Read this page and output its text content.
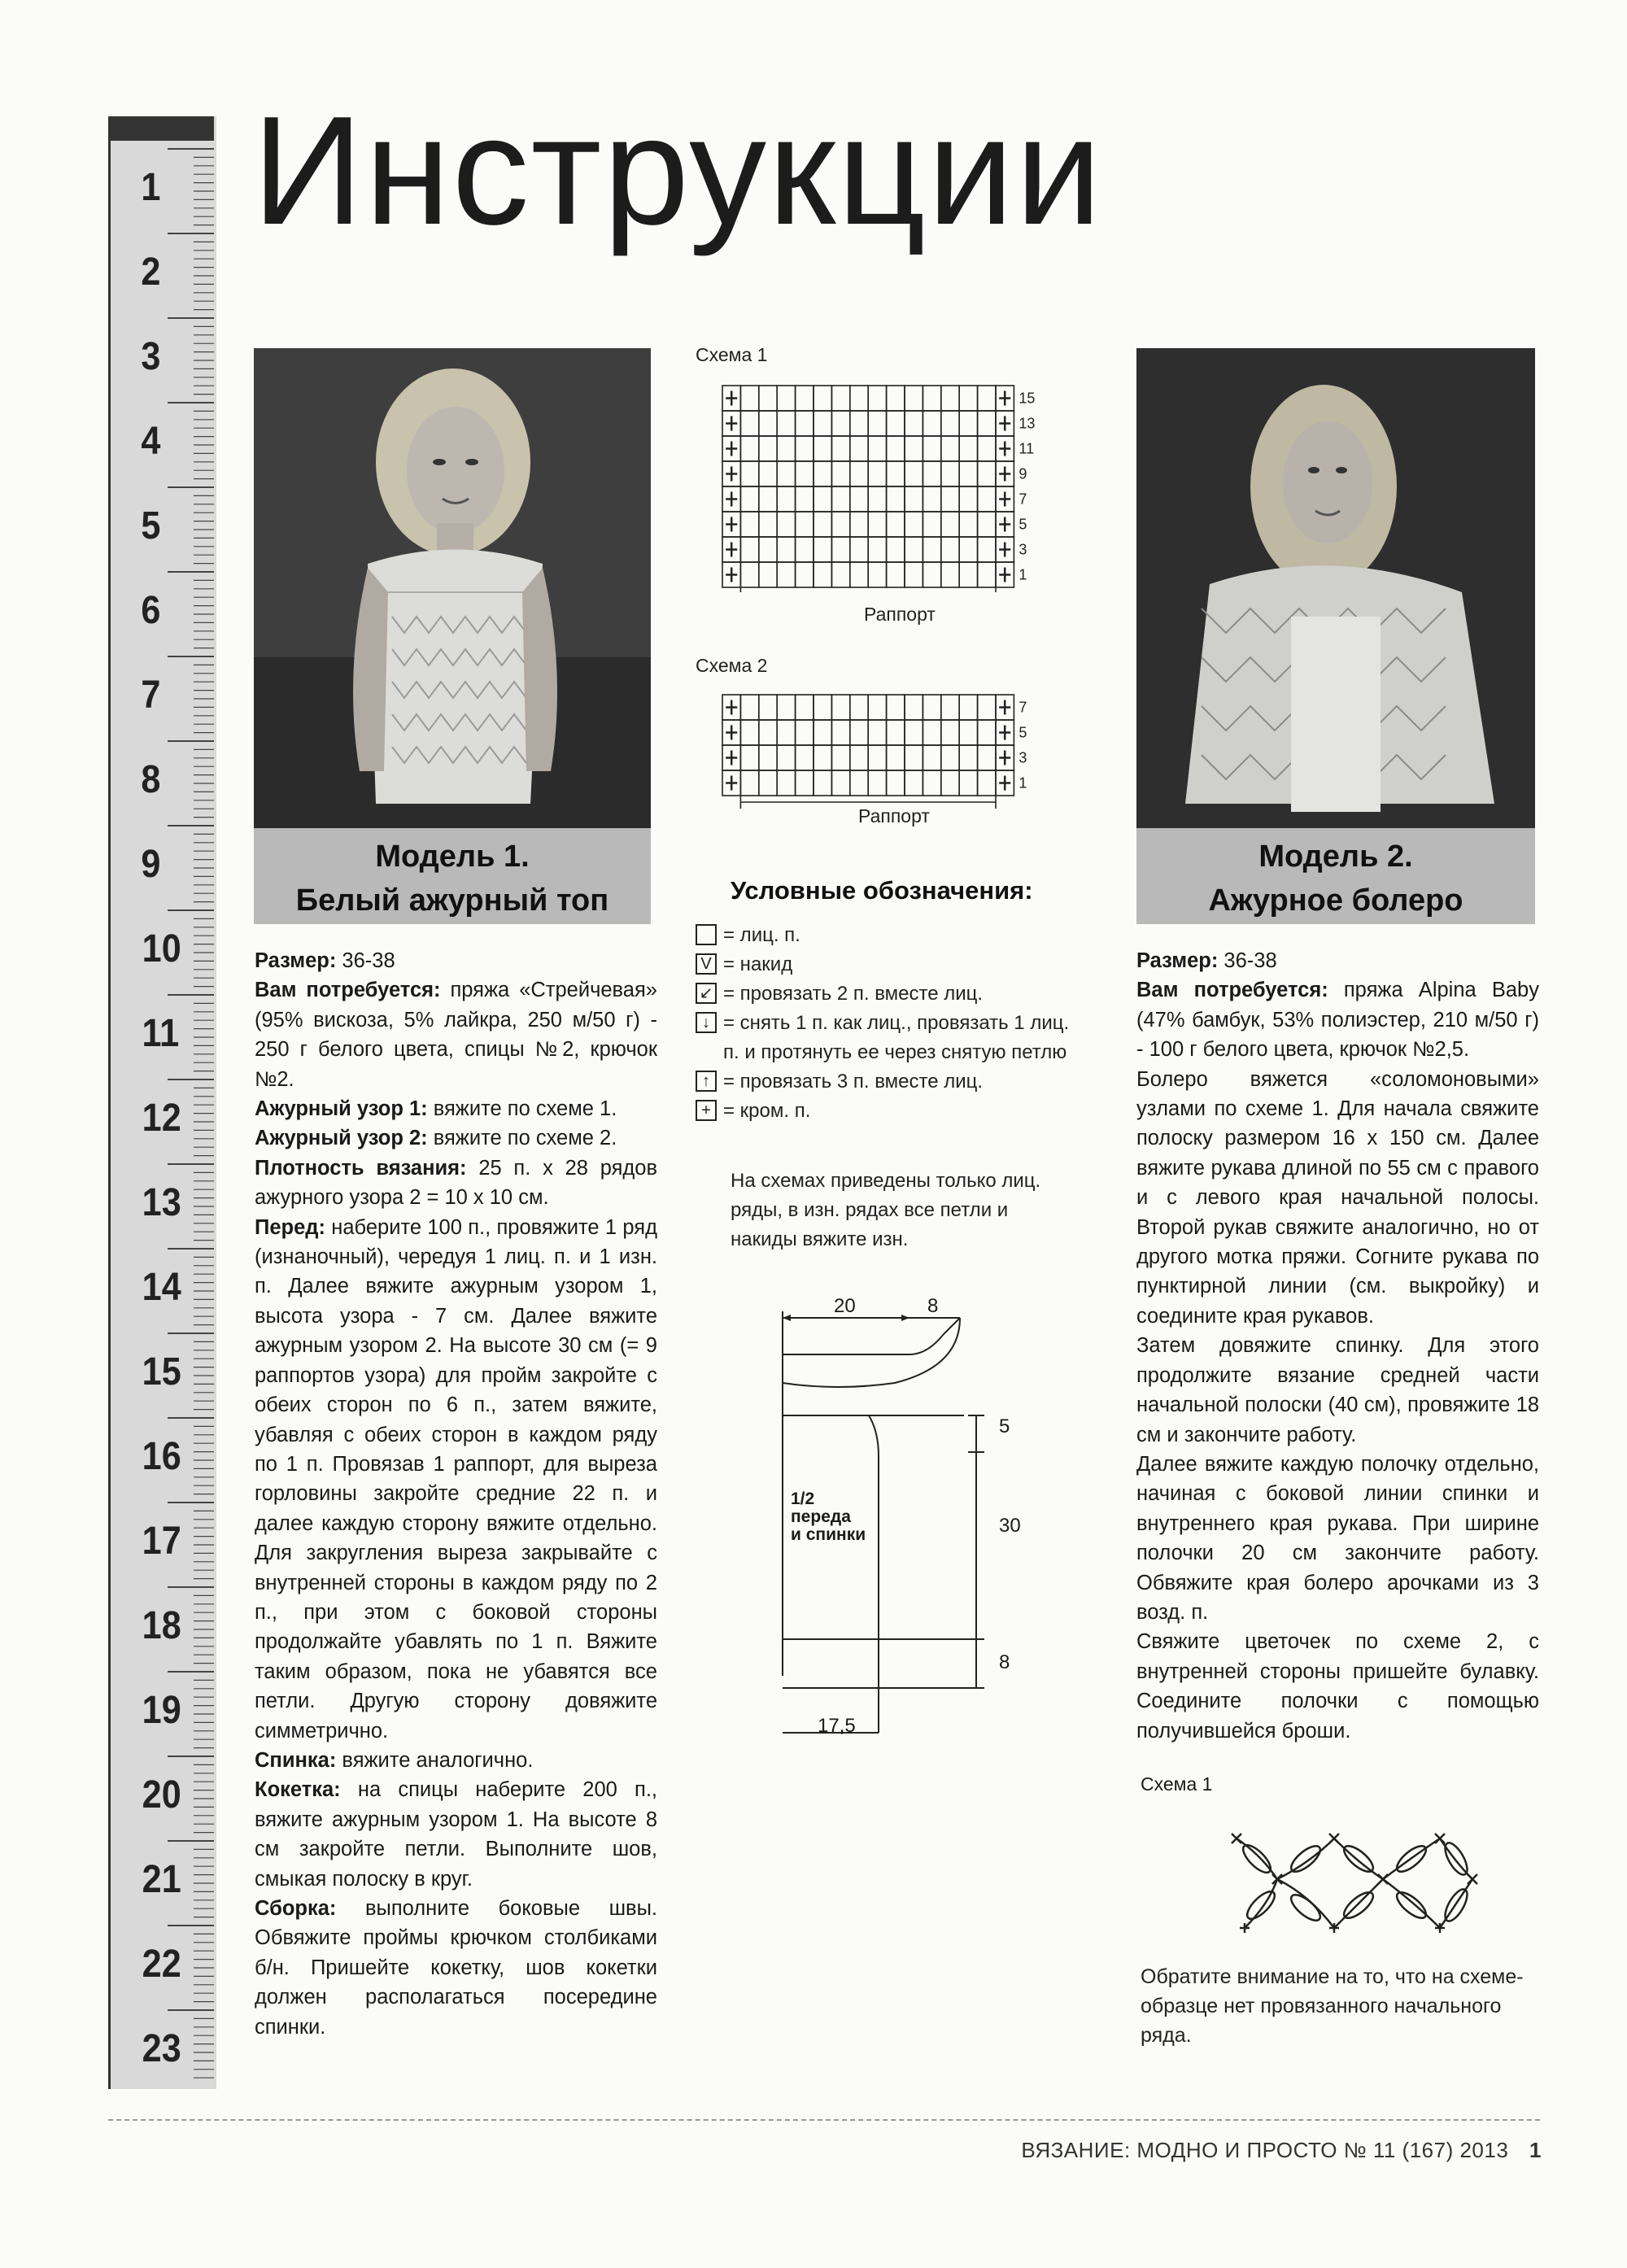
1
2
3
4
5
6
7
8
9
10
11
12
13
14
15
16
17
18
19
20
21
22
23
Инструкции
Модель 1.
Белый ажурный топ
Модель 2.
Ажурное болеро

Размер: 36-38

Вам потребуется: пряжа «Стрейчевая» (95% вискоза, 5% лайкра, 250 м/50 г) - 250 г белого цвета, спицы №2, крючок №2.

Ажурный узор 1: вяжите по схеме 1.

Ажурный узор 2: вяжите по схеме 2.

Плотность вязания: 25 п. х 28 рядов ажурного узора 2 = 10 х 10 см.

Перед: наберите 100 п., провяжите 1 ряд (изнаночный), чередуя 1 лиц. п. и 1 изн. п. Далее вяжите ажурным узором 1, высота узора - 7 см. Далее вяжите ажурным узором 2. На высоте 30 см (= 9 раппортов узора) для пройм закройте с обеих сторон по 6 п., затем вяжите, убавляя с обеих сторон в каждом ряду по 1 п. Провязав 1 раппорт, для выреза горловины закройте средние 22 п. и далее каждую сторону вяжите отдельно. Для закругления выреза закрывайте с внутренней стороны в каждом ряду по 2 п., при этом с боковой стороны продолжайте убавлять по 1 п. Вяжите таким образом, пока не убавятся все петли. Другую сторону довяжите симметрично.

Спинка: вяжите аналогично.

Кокетка: на спицы наберите 200 п., вяжите ажурным узором 1. На высоте 8 см закройте петли. Выполните шов, смыкая полоску в круг.

Сборка: выполните боковые швы. Обвяжите проймы крючком столбиками б/н. Пришейте кокетку, шов кокетки должен располагаться посередине спинки.

Размер: 36-38

Вам потребуется: пряжа Alpina Baby (47% бамбук, 53% полиэстер, 210 м/50 г) - 100 г белого цвета, крючок №2,5.

Болеро вяжется «соломоновыми» узлами по схеме 1. Для начала свяжите полоску размером 16 х 150 см. Далее вяжите рукава длиной по 55 см с правого и с левого края начальной полосы. Второй рукав свяжите аналогично, но от другого мотка пряжи. Согните рукава по пунктирной линии (см. выкройку) и соедините края рукавов.

Затем довяжите спинку. Для этого продолжите вязание средней части начальной полоски (40 см), провяжите 18 см и закончите работу.

Далее вяжите каждую полочку отдельно, начиная с боковой линии спинки и внутреннего края рукава. При ширине полочки 20 см закончите работу. Обвяжите края болеро арочками из 3 возд. п.

Свяжите цветочек по схеме 2, с внутренней стороны пришейте булавку. Соедините полочки с помощью получившейся броши.

Схема 1
15
13
11
9
7
5
3
1
Раппорт
Схема 2
7
5
3
1
Раппорт
Условные обозначения:
= лиц. п.
V = накид
↙ = провязать 2 п. вместе лиц.
↓ = снять 1 п. как лиц., провязать 1 лиц. п. и протянуть ее через снятую петлю
↑ = провязать 3 п. вместе лиц.
+ = кром. п.
На схемах приведены только лиц. ряды, в изн. рядах все петли и накиды вяжите изн.
20	8
5
30
8
17,5
1/2
переда
и спинки
Схема 1
Обратите внимание на то, что на схеме-образце нет провязанного начального ряда.
ВЯЗАНИЕ: МОДНО И ПРОСТО № 11 (167) 2013 1
